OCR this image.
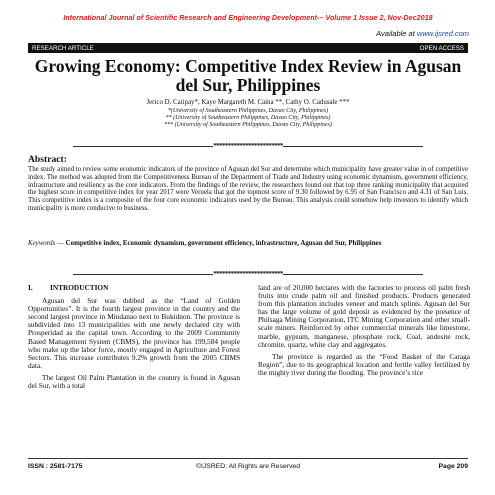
International Journal of Scientific Research and Engineering Development-– Volume 1 Issue 2, Nov-Dec2018
Available at www.ijsred.com
RESEARCH ARTICLE	OPEN ACCESS
Growing Economy: Competitive Index Review in Agusan del Sur, Philippines
Jerico D. Catipay*, Kaye Margareth M. Caina **, Cathy O. Cadusale ***
*(University of Southeastern Philippines, Davao City, Philippines)
** (University of Southeastern Philippines, Davao City, Philippines)
*** (University of Southeastern Philippines, Davao City, Philippines)
************************
Abstract:
The study aimed to review some economic indicators of the province of Agusan del Sur and determine which municipality have greater value in of competitive index. The method was adopted from the Competitiveness Bureau of the Department of Trade and Industry using economic dynamism, government efficiency, infrastructure and resiliency as the core indicators. From the findings of the review, the researchers found out that top three ranking municipality that acquired the highest score in competitive index for year 2017 were Veruela that got the topmost score of 9.30 followed by 6.95 of San Francisco and 4.31 of San Luis. This competitive index is a composite of the four core economic indicators used by the Bureau. This analysis could somehow help investors to identify which municipality is more conducive to business.
Keywords — Competitive index, Economic dynamism, government efficiency, infrastructure, Agusan del Sur, Philippines
************************
I. INTRODUCTION

Agusan del Sur was dubbed as the “Land of Golden Opportunities”. It is the fourth largest province in the country and the second largest province in Mindanao next to Bukidnon. The province is subdivided into 13 municipalities with one newly declared city with Prosperidad as the capital town. According to the 2009 Community Based Management System (CBMS), the province has 199,584 people who make up the labor force, mostly engaged in Agriculture and Forest Sectors. This increase contributes 9.2% growth from the 2005 CBMS data.

The largest Oil Palm Plantation in the country is found in Agusan del Sur, with a total

land are of 20,000 hectares with the factories to process oil palm fresh fruits into crude palm oil and finished products. Products generated from this plantation includes veneer and match splints. Agusan del Sur has the large volume of gold deposit as evidenced by the presence of Philsaga Mining Corporation, ITC Mining Corporation and other small-scale miners. Reinforced by other commercial minerals like limestone, marble, gypsum, manganese, phosphate rock, Coal, andesite rock, chromite, quartz, white clay and aggregates.

The province is regarded as the “Food Basket of the Caraga Region”, due to its geographical location and fertile valley fertilized by the mighty river during the flooding. The province’s rice

ISSN : 2581-7175	©IJSRED: All Rights are Reserved	Page 209
